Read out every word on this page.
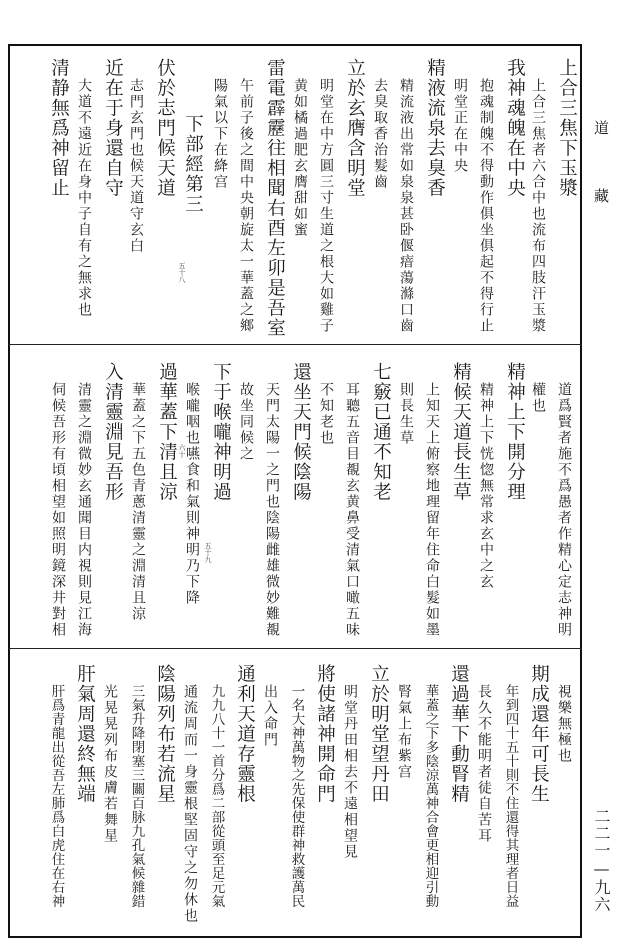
道
藏
二二一—九六
上合三焦下玉漿
上合三焦者六合中也流布四肢汗玉漿
我神魂魄在中央
抱魂制魄不得動作俱坐俱起不得行止
明堂正在中央
精液流泉去臭香
精流液出常如泉泉甚卧偃瘖蕩滌口齒
去臭取香治髮齒
立於玄膺含明堂
明堂在中方圓三寸生道之根大如雞子
黄如橘過肥玄膺甜如蜜
雷電霹靂往相聞右酉左卯是吾室
午前子後之間中央朝旋太一華蓋之鄉
陽氣以下在絳宫
下部經第三
伏於志門候天道
志門玄門也候天道守玄白
近在于身還自守
大道不遠近在身中子自有之無求也
清静無爲神留止
五十八
道爲賢者施不爲愚者作精心定志神明
權也
精神上下開分理
精神上下恍惚無常求玄中之玄
精候天道長生草
上知天上俯察地理留年住命白髮如墨
則長生草
七竅已通不知老
耳聽五音目覩玄黄鼻受清氣口噉五味
不知老也
還坐天門候陰陽
天門太陽一之門也陰陽雌雄微妙難覩
故坐同候之
下于喉嚨神明過
喉嚨咽也嚥食和氣則神明乃下降
過華蓋下清且涼
華蓋之下五色青蔥清靈之淵清且涼
入清靈淵見吾形
清靈之淵微妙玄通聞目内視則見江海
伺候吾形有頃相望如照明鏡深井對相	五十九
六十
視樂無極也
期成還年可長生
年到四十五十則不住還得其理者日益
長久不能明者徒自苦耳
還過華下動腎精
華蓋之下多陰涼萬神合會更相迎引動
腎氣上布紫宫
立於明堂望丹田
明堂丹田相去不遠相望見
將使諸神開命門
一名大神萬物之先保使群神救護萬民
出入命門
通利天道存靈根
九九八十一首分爲二部從頭至足元氣
通流周而一身靈根堅固守之勿休也
陰陽列布若流星
三氣升降閉塞三關百脉九孔氣候雜錯
光晃晃列布皮膚若舞星
肝氣周還終無端
肝爲青龍出從吾左肺爲白虎住在右神
